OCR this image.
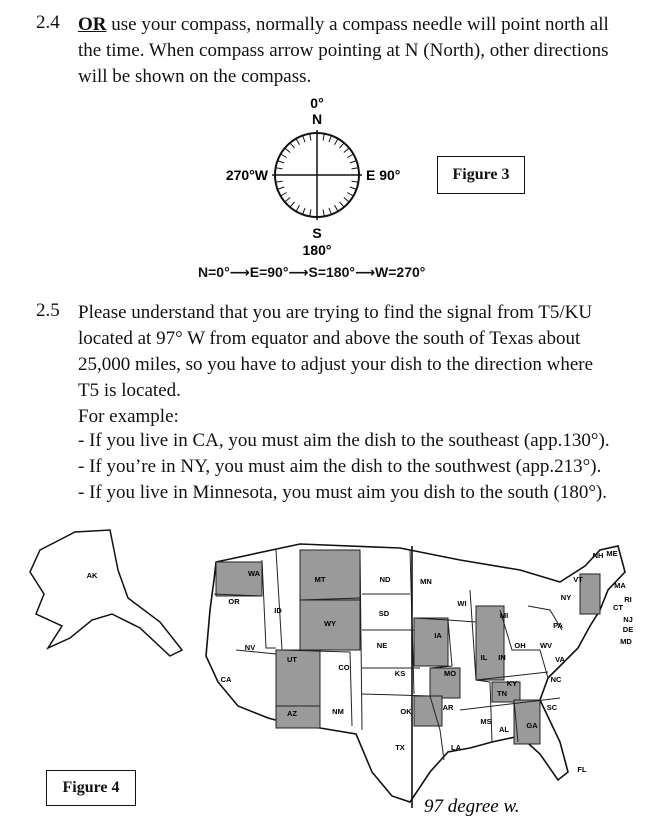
2.4 OR use your compass, normally a compass needle will point north all
the time. When compass arrow pointing at N (North), other directions
will be shown on the compass.
0°
N
270°W	E 90°
S
180°
Figure 3
N=0°⟶E=90°⟶S=180°⟶W=270°
2.5 Please understand that you are trying to find the signal from T5/KU
located at 97° W from equator and above the south of Texas about
25,000 miles, so you have to adjust your dish to the direction where
T5 is located.
For example:
- If you live in CA, you must aim the dish to the southeast (app.130°).
- If you’re in NY, you must aim the dish to the southwest (app.213°).
- If you live in Minnesota, you must aim you dish to the south (180°).
AK	WA
OR
ID
MT
WY
NV
CA
UT
CO
AZ	NM
ND
SD
NE
KS
OK
TX
MN
IA
MO
AR
LA
WI
IL
MI
IN
OH
KY
TN
MS
AL GA
SC
NC
VA
WV
PA
NY
VT
NH ME
MA
RI
CT
NJ
DE
MD
FL
97 degree w.
Figure 4
